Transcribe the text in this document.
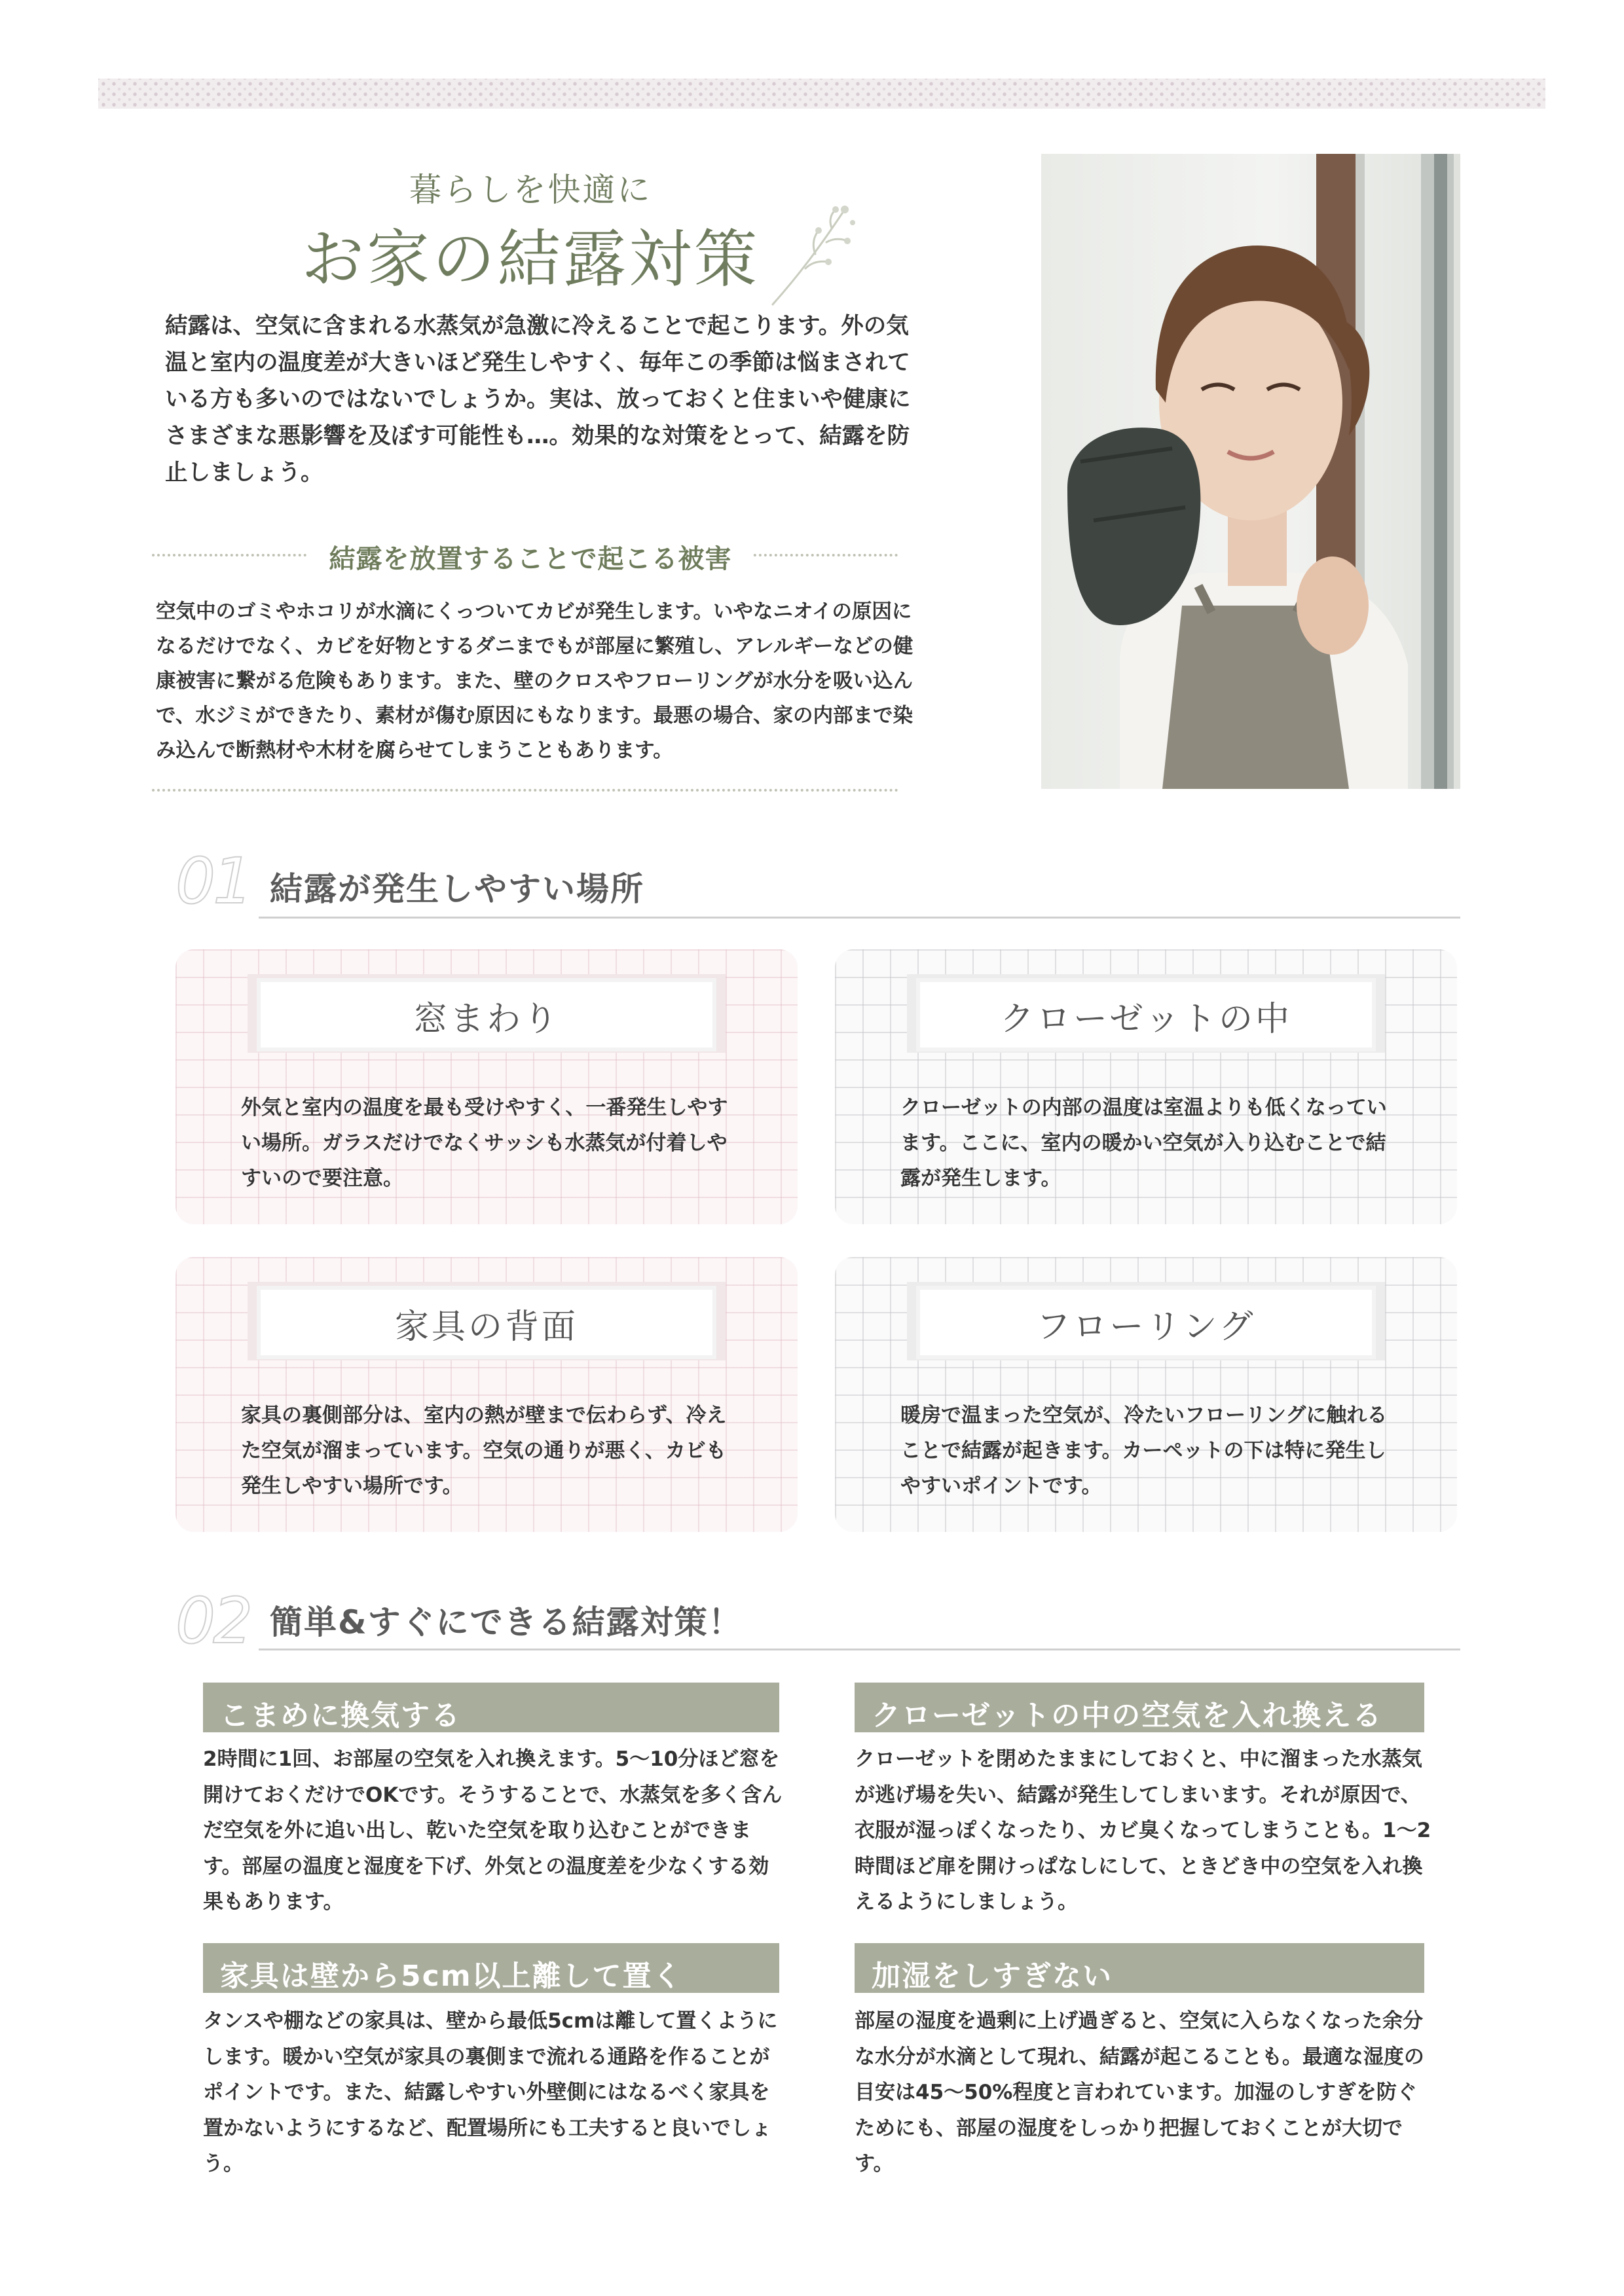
暮らしを快適に
お家の結露対策
結露は、空気に含まれる水蒸気が急激に冷えることで起こります。外の気温と室内の温度差が大きいほど発生しやすく、毎年この季節は悩まされている方も多いのではないでしょうか。実は、放っておくと住まいや健康にさまざまな悪影響を及ぼす可能性も…。効果的な対策をとって、結露を防止しましょう。
結露を放置することで起こる被害
空気中のゴミやホコリが水滴にくっついてカビが発生します。いやなニオイの原因になるだけでなく、カビを好物とするダニまでもが部屋に繁殖し、アレルギーなどの健康被害に繋がる危険もあります。また、壁のクロスやフローリングが水分を吸い込んで、水ジミができたり、素材が傷む原因にもなります。最悪の場合、家の内部まで染み込んで断熱材や木材を腐らせてしまうこともあります。
01 結露が発生しやすい場所
窓まわり
外気と室内の温度を最も受けやすく、一番発生しやすい場所。ガラスだけでなくサッシも水蒸気が付着しやすいので要注意。
クローゼットの中
クローゼットの内部の温度は室温よりも低くなっています。ここに、室内の暖かい空気が入り込むことで結露が発生します。
家具の背面
家具の裏側部分は、室内の熱が壁まで伝わらず、冷えた空気が溜まっています。空気の通りが悪く、カビも発生しやすい場所です。
フローリング
暖房で温まった空気が、冷たいフローリングに触れることで結露が起きます。カーペットの下は特に発生しやすいポイントです。
02 簡単&すぐにできる結露対策！
こまめに換気する
2時間に1回、お部屋の空気を入れ換えます。5〜10分ほど窓を開けておくだけでOKです。そうすることで、水蒸気を多く含んだ空気を外に追い出し、乾いた空気を取り込むことができます。部屋の温度と湿度を下げ、外気との温度差を少なくする効果もあります。
クローゼットの中の空気を入れ換える
クローゼットを閉めたままにしておくと、中に溜まった水蒸気が逃げ場を失い、結露が発生してしまいます。それが原因で、衣服が湿っぽくなったり、カビ臭くなってしまうことも。1〜2時間ほど扉を開けっぱなしにして、ときどき中の空気を入れ換えるようにしましょう。
家具は壁から5cm以上離して置く
タンスや棚などの家具は、壁から最低5cmは離して置くようにします。暖かい空気が家具の裏側まで流れる通路を作ることがポイントです。また、結露しやすい外壁側にはなるべく家具を置かないようにするなど、配置場所にも工夫すると良いでしょう。
加湿をしすぎない
部屋の湿度を過剰に上げ過ぎると、空気に入らなくなった余分な水分が水滴として現れ、結露が起こることも。最適な湿度の目安は45〜50%程度と言われています。加湿のしすぎを防ぐためにも、部屋の湿度をしっかり把握しておくことが大切です。
